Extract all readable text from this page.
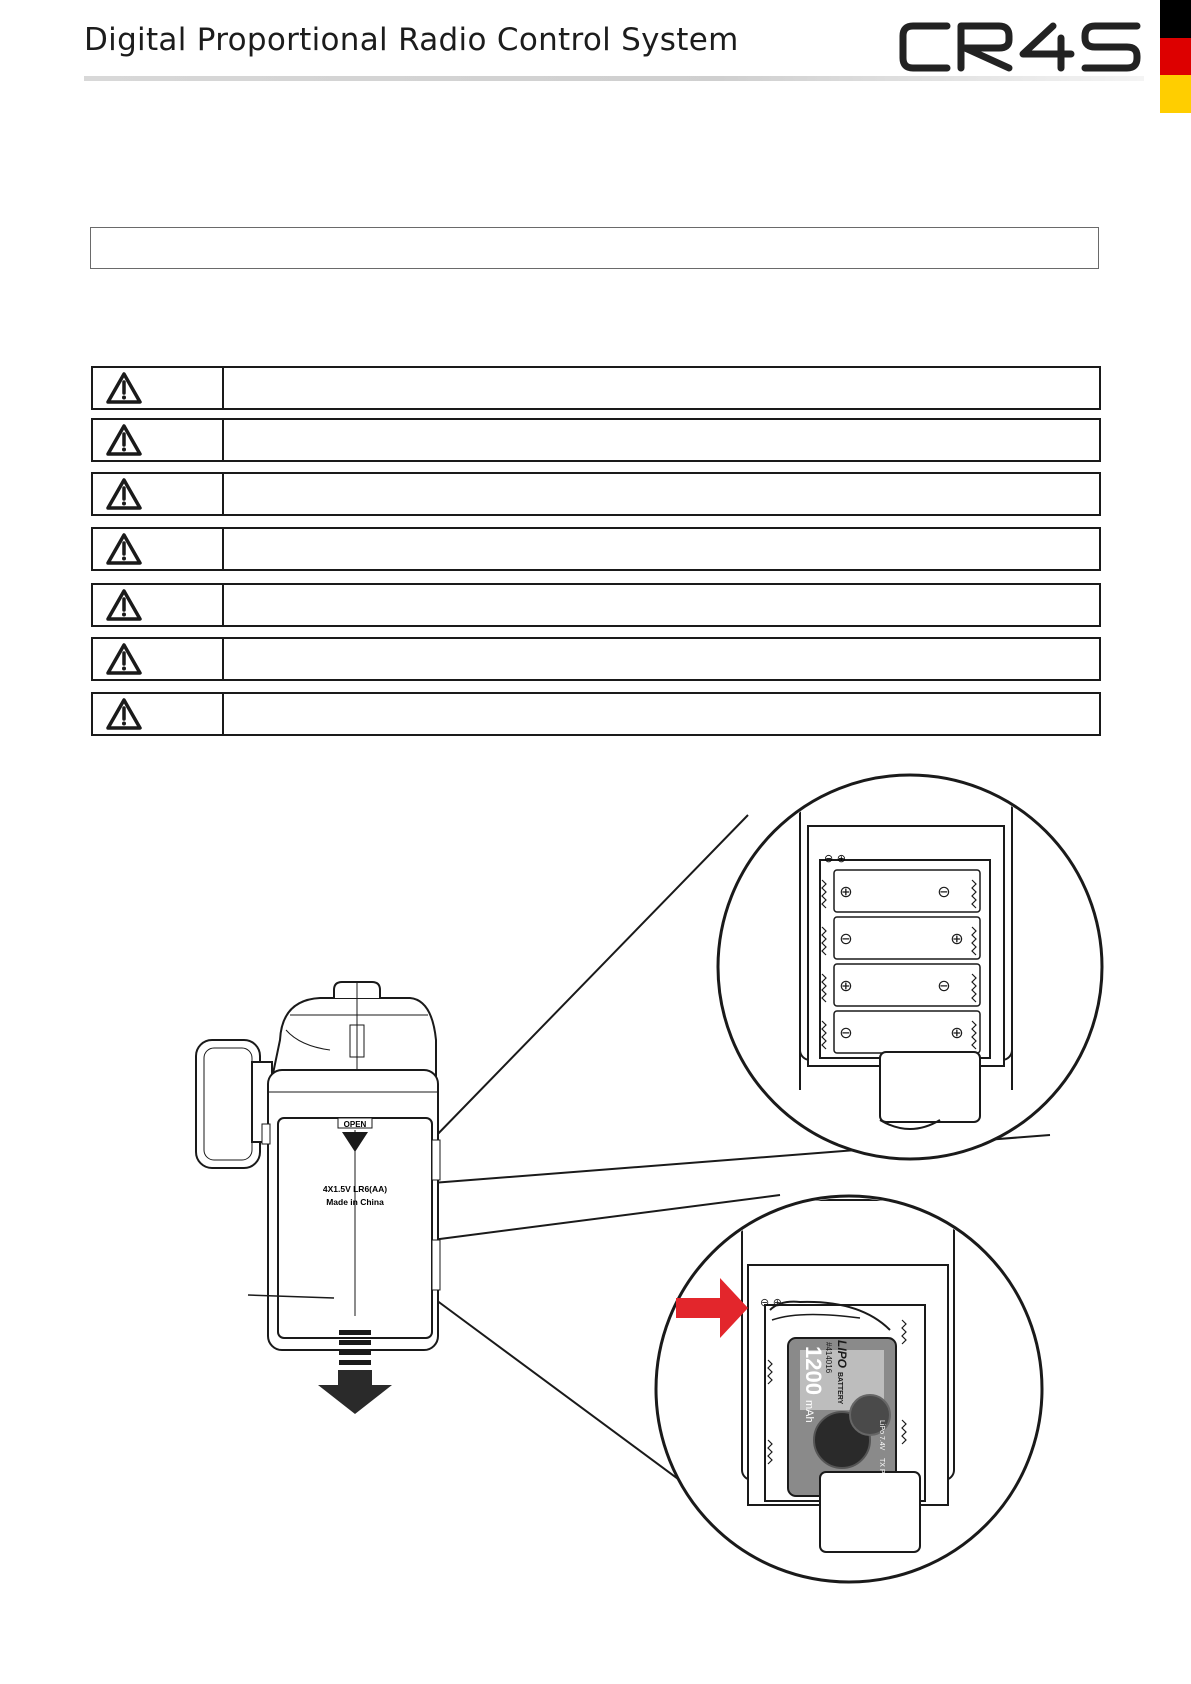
Digital Proportional Radio Control System
OPEN
4X1.5V LR6(AA)
Made in China
⊕	⊖
⊖	⊕
⊕	⊖
⊖	⊕
⊖ ⊕
⊖ ⊕
1200
mAh
LIPO
BATTERY
#414016
LiPo 7.4V
TX PACK
